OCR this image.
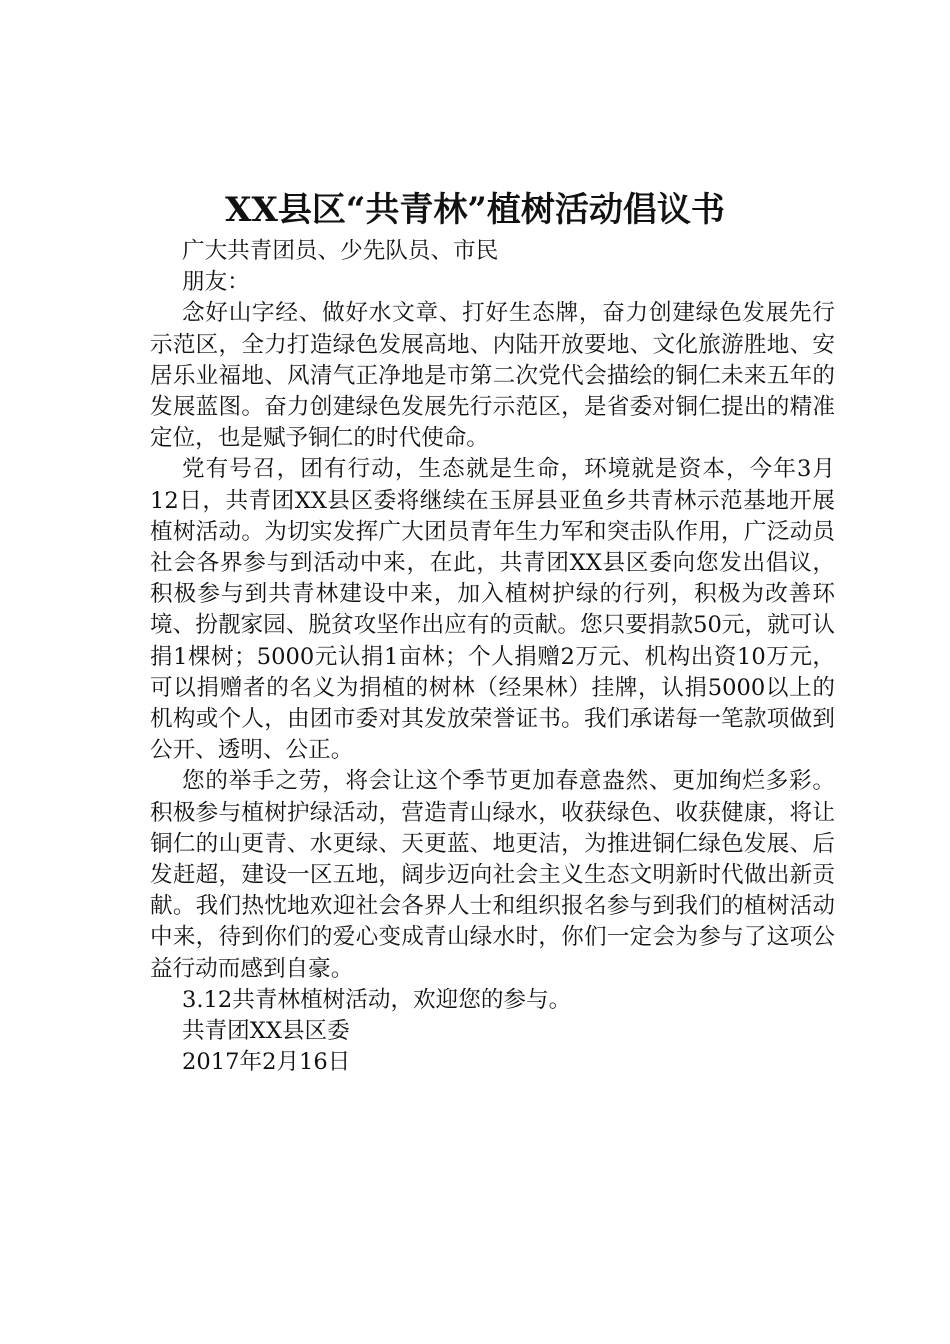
XX县区“共青林”植树活动倡议书

广大共青团员、少先队员、市民

朋友：

念好山字经、做好水文章、打好生态牌，奋力创建绿色发展先行示范区，全力打造绿色发展高地、内陆开放要地、文化旅游胜地、安居乐业福地、风清气正净地是市第二次党代会描绘的铜仁未来五年的发展蓝图。奋力创建绿色发展先行示范区，是省委对铜仁提出的精准定位，也是赋予铜仁的时代使命。

党有号召，团有行动，生态就是生命，环境就是资本，今年3月12日，共青团XX县区委将继续在玉屏县亚鱼乡共青林示范基地开展植树活动。为切实发挥广大团员青年生力军和突击队作用，广泛动员社会各界参与到活动中来，在此，共青团XX县区委向您发出倡议，积极参与到共青林建设中来，加入植树护绿的行列，积极为改善环境、扮靓家园、脱贫攻坚作出应有的贡献。您只要捐款50元，就可认捐1棵树；5000元认捐1亩林；个人捐赠2万元、机构出资10万元，可以捐赠者的名义为捐植的树林（经果林）挂牌，认捐5000以上的机构或个人，由团市委对其发放荣誉证书。我们承诺每一笔款项做到公开、透明、公正。

您的举手之劳，将会让这个季节更加春意盎然、更加绚烂多彩。积极参与植树护绿活动，营造青山绿水，收获绿色、收获健康，将让铜仁的山更青、水更绿、天更蓝、地更洁，为推进铜仁绿色发展、后发赶超，建设一区五地，阔步迈向社会主义生态文明新时代做出新贡献。我们热忱地欢迎社会各界人士和组织报名参与到我们的植树活动中来，待到你们的爱心变成青山绿水时，你们一定会为参与了这项公益行动而感到自豪。

3.12共青林植树活动，欢迎您的参与。

共青团XX县区委

2017年2月16日
